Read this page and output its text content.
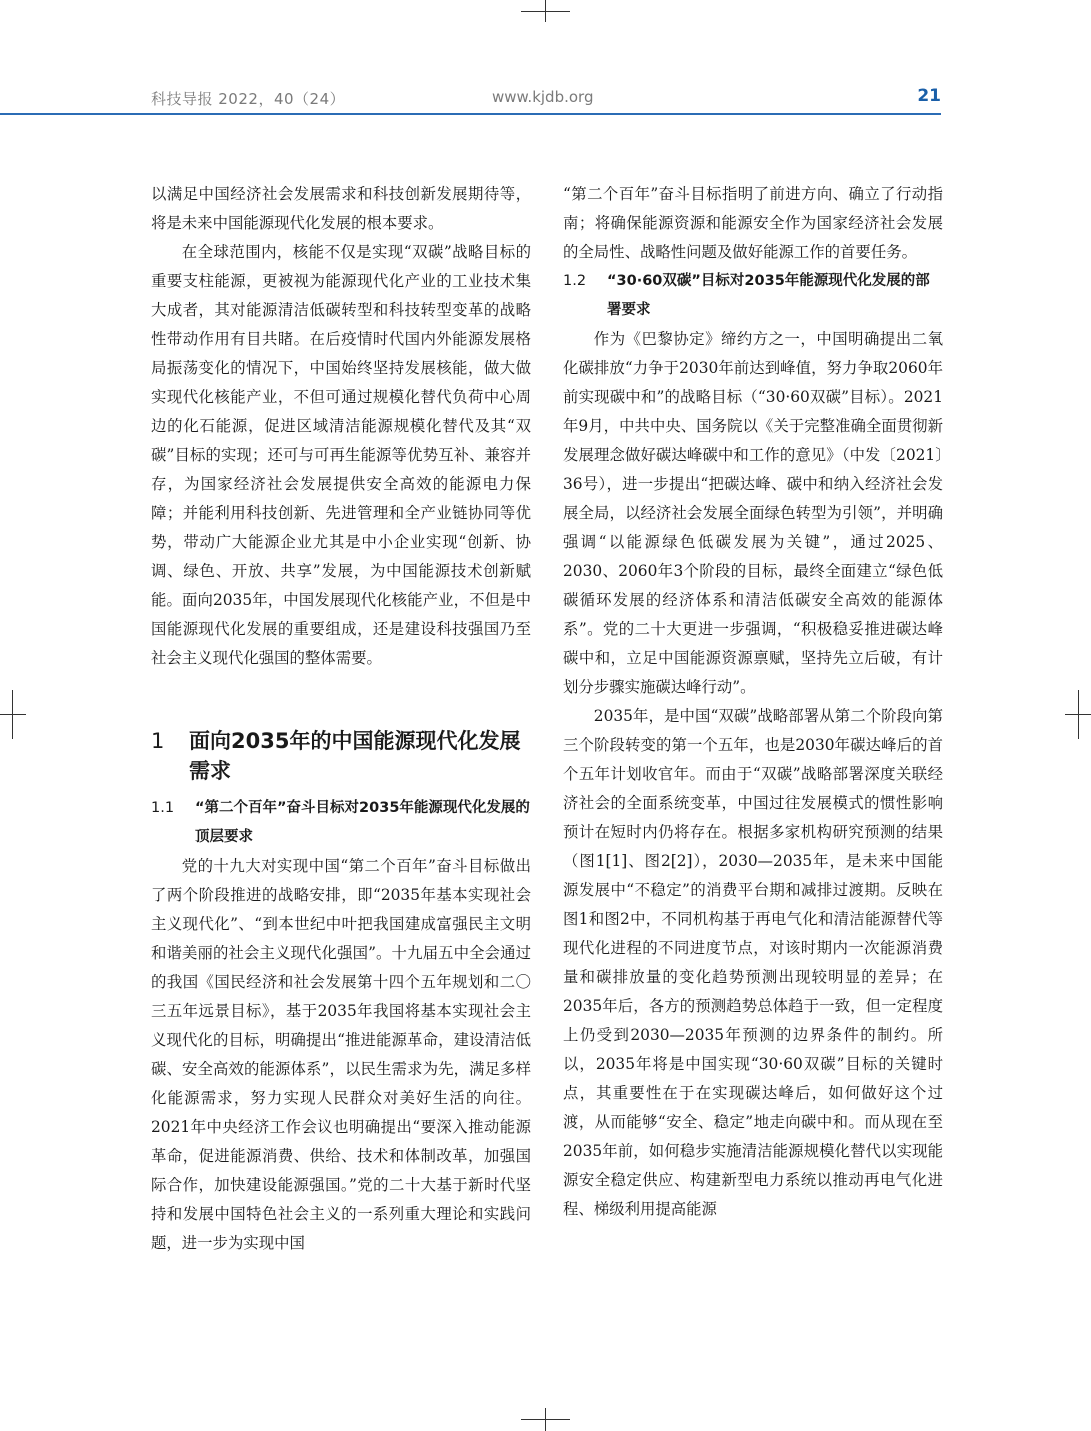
科技导报 2022，40（24）	www.kjdb.org	21

以满足中国经济社会发展需求和科技创新发展期待等，将是未来中国能源现代化发展的根本要求。

在全球范围内，核能不仅是实现“双碳”战略目标的重要支柱能源，更被视为能源现代化产业的工业技术集大成者，其对能源清洁低碳转型和科技转型变革的战略性带动作用有目共睹。在后疫情时代国内外能源发展格局振荡变化的情况下，中国始终坚持发展核能，做大做实现代化核能产业，不但可通过规模化替代负荷中心周边的化石能源，促进区域清洁能源规模化替代及其“双碳”目标的实现；还可与可再生能源等优势互补、兼容并存，为国家经济社会发展提供安全高效的能源电力保障；并能利用科技创新、先进管理和全产业链协同等优势，带动广大能源企业尤其是中小企业实现“创新、协调、绿色、开放、共享”发展，为中国能源技术创新赋能。面向2035年，中国发展现代化核能产业，不但是中国能源现代化发展的重要组成，还是建设科技强国乃至社会主义现代化强国的整体需要。

1	面向2035年的中国能源现代化发展需求
1.1	“第二个百年”奋斗目标对2035年能源现代化发展的顶层要求

党的十九大对实现中国“第二个百年”奋斗目标做出了两个阶段推进的战略安排，即“2035年基本实现社会主义现代化”、“到本世纪中叶把我国建成富强民主文明和谐美丽的社会主义现代化强国”。十九届五中全会通过的我国《国民经济和社会发展第十四个五年规划和二〇三五年远景目标》，基于2035年我国将基本实现社会主义现代化的目标，明确提出“推进能源革命，建设清洁低碳、安全高效的能源体系”，以民生需求为先，满足多样化能源需求，努力实现人民群众对美好生活的向往。2021年中央经济工作会议也明确提出“要深入推动能源革命，促进能源消费、供给、技术和体制改革，加强国际合作，加快建设能源强国。”党的二十大基于新时代坚持和发展中国特色社会主义的一系列重大理论和实践问题，进一步为实现中国

“第二个百年”奋斗目标指明了前进方向、确立了行动指南；将确保能源资源和能源安全作为国家经济社会发展的全局性、战略性问题及做好能源工作的首要任务。

1.2	“30·60双碳”目标对2035年能源现代化发展的部署要求

作为《巴黎协定》缔约方之一，中国明确提出二氧化碳排放“力争于2030年前达到峰值，努力争取2060年前实现碳中和”的战略目标（“30·60双碳”目标）。2021年9月，中共中央、国务院以《关于完整准确全面贯彻新发展理念做好碳达峰碳中和工作的意见》（中发〔2021〕36号），进一步提出“把碳达峰、碳中和纳入经济社会发展全局，以经济社会发展全面绿色转型为引领”，并明确强调“以能源绿色低碳发展为关键”，通过2025、2030、2060年3个阶段的目标，最终全面建立“绿色低碳循环发展的经济体系和清洁低碳安全高效的能源体系”。党的二十大更进一步强调，“积极稳妥推进碳达峰碳中和，立足中国能源资源禀赋，坚持先立后破，有计划分步骤实施碳达峰行动”。

2035年，是中国“双碳”战略部署从第二个阶段向第三个阶段转变的第一个五年，也是2030年碳达峰后的首个五年计划收官年。而由于“双碳”战略部署深度关联经济社会的全面系统变革，中国过往发展模式的惯性影响预计在短时内仍将存在。根据多家机构研究预测的结果（图1[1]、图2[2]），2030—2035年，是未来中国能源发展中“不稳定”的消费平台期和减排过渡期。反映在图1和图2中，不同机构基于再电气化和清洁能源替代等现代化进程的不同进度节点，对该时期内一次能源消费量和碳排放量的变化趋势预测出现较明显的差异；在2035年后，各方的预测趋势总体趋于一致，但一定程度上仍受到2030—2035年预测的边界条件的制约。所以，2035年将是中国实现“30·60双碳”目标的关键时点，其重要性在于在实现碳达峰后，如何做好这个过渡，从而能够“安全、稳定”地走向碳中和。而从现在至2035年前，如何稳步实施清洁能源规模化替代以实现能源安全稳定供应、构建新型电力系统以推动再电气化进程、梯级利用提高能源
